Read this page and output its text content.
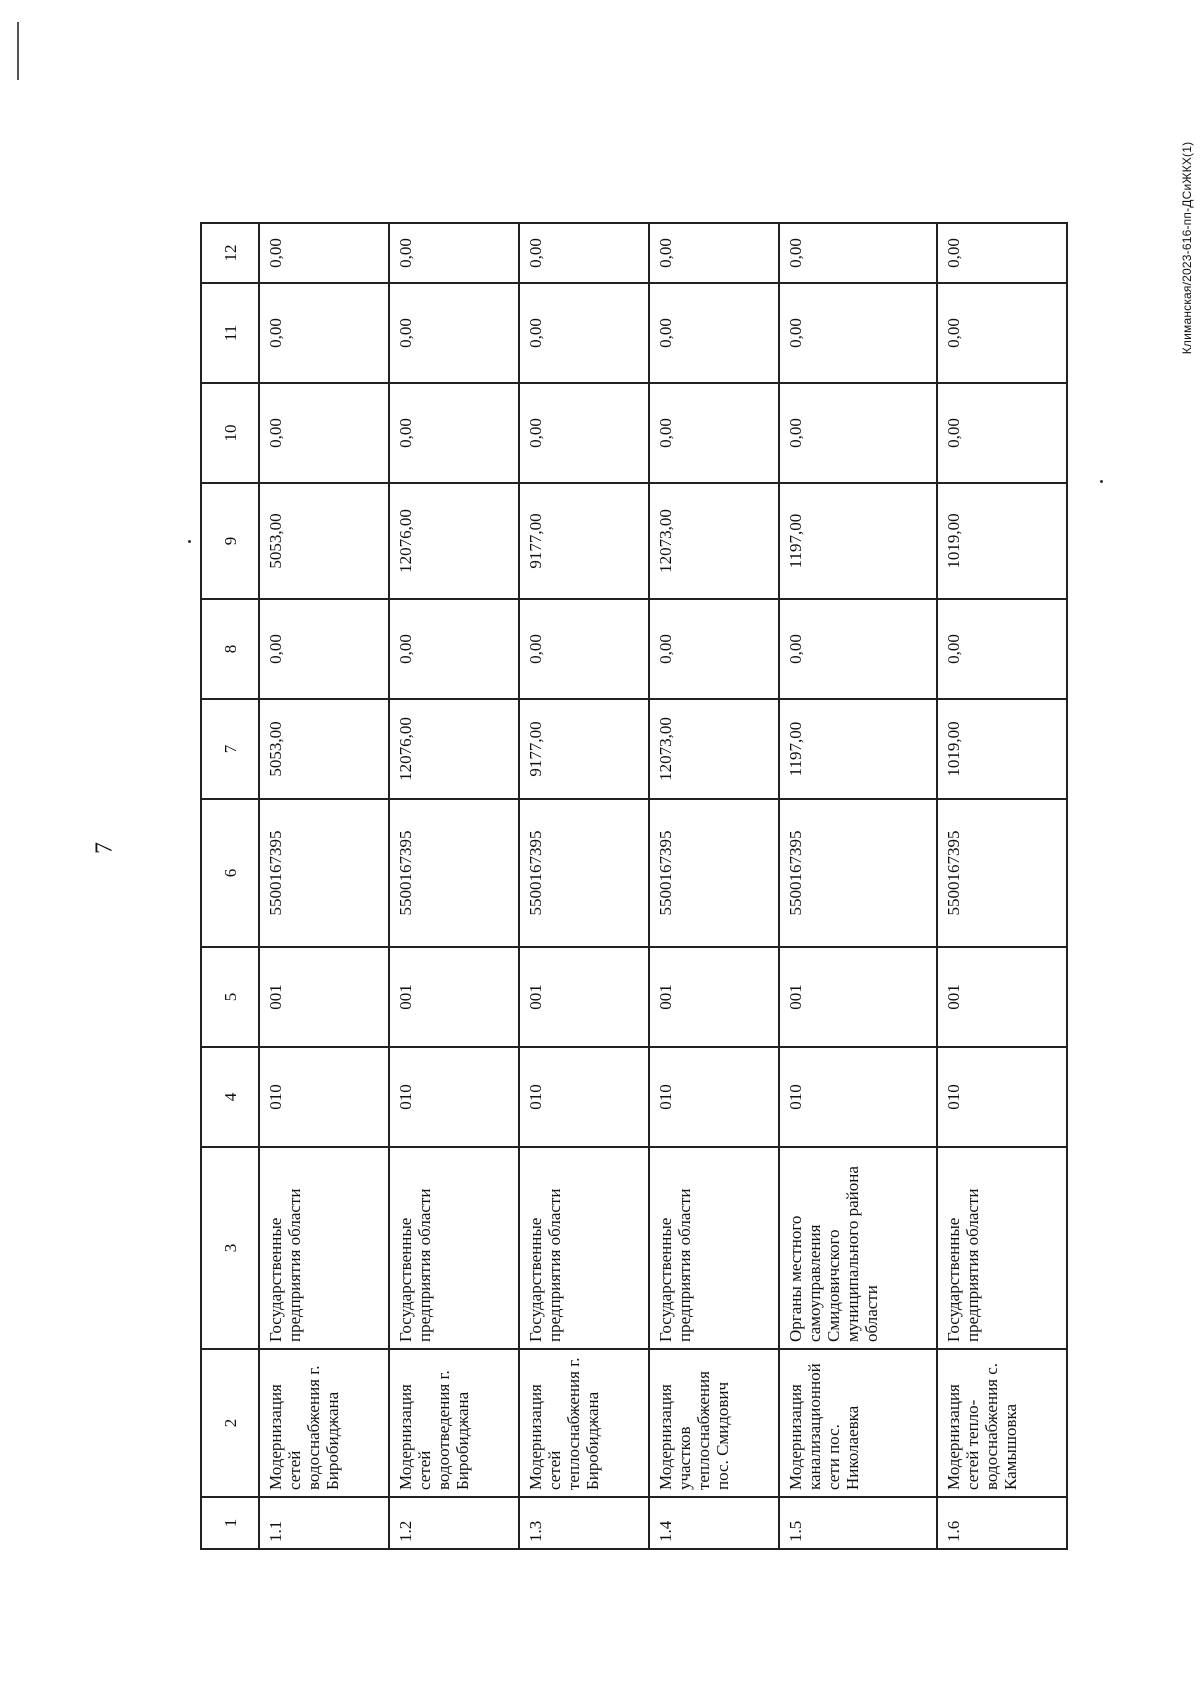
7
Климанская/2023-616-пп-ДСиЖКХ(1)
1	2	3	4	5	6	7	8	9	10	11	12
1.1	Модернизация сетей водоснабжения г. Биробиджана	Государственные предприятия области	010	001	5500167395	5053,00	0,00	5053,00	0,00	0,00	0,00
1.2	Модернизация сетей водоотведения г. Биробиджана	Государственные предприятия области	010	001	5500167395	12076,00	0,00	12076,00	0,00	0,00	0,00
1.3	Модернизация сетей теплоснабжения г. Биробиджана	Государственные предприятия области	010	001	5500167395	9177,00	0,00	9177,00	0,00	0,00	0,00
1.4	Модернизация участков теплоснабжения пос. Смидович	Государственные предприятия области	010	001	5500167395	12073,00	0,00	12073,00	0,00	0,00	0,00
1.5	Модернизация канализационной сети пос. Николаевка	Органы местного самоуправления Смидовичского муниципального района области	010	001	5500167395	1197,00	0,00	1197,00	0,00	0,00	0,00
1.6	Модернизация сетей тепло-водоснабжения с. Камышовка	Государственные предприятия области	010	001	5500167395	1019,00	0,00	1019,00	0,00	0,00	0,00
